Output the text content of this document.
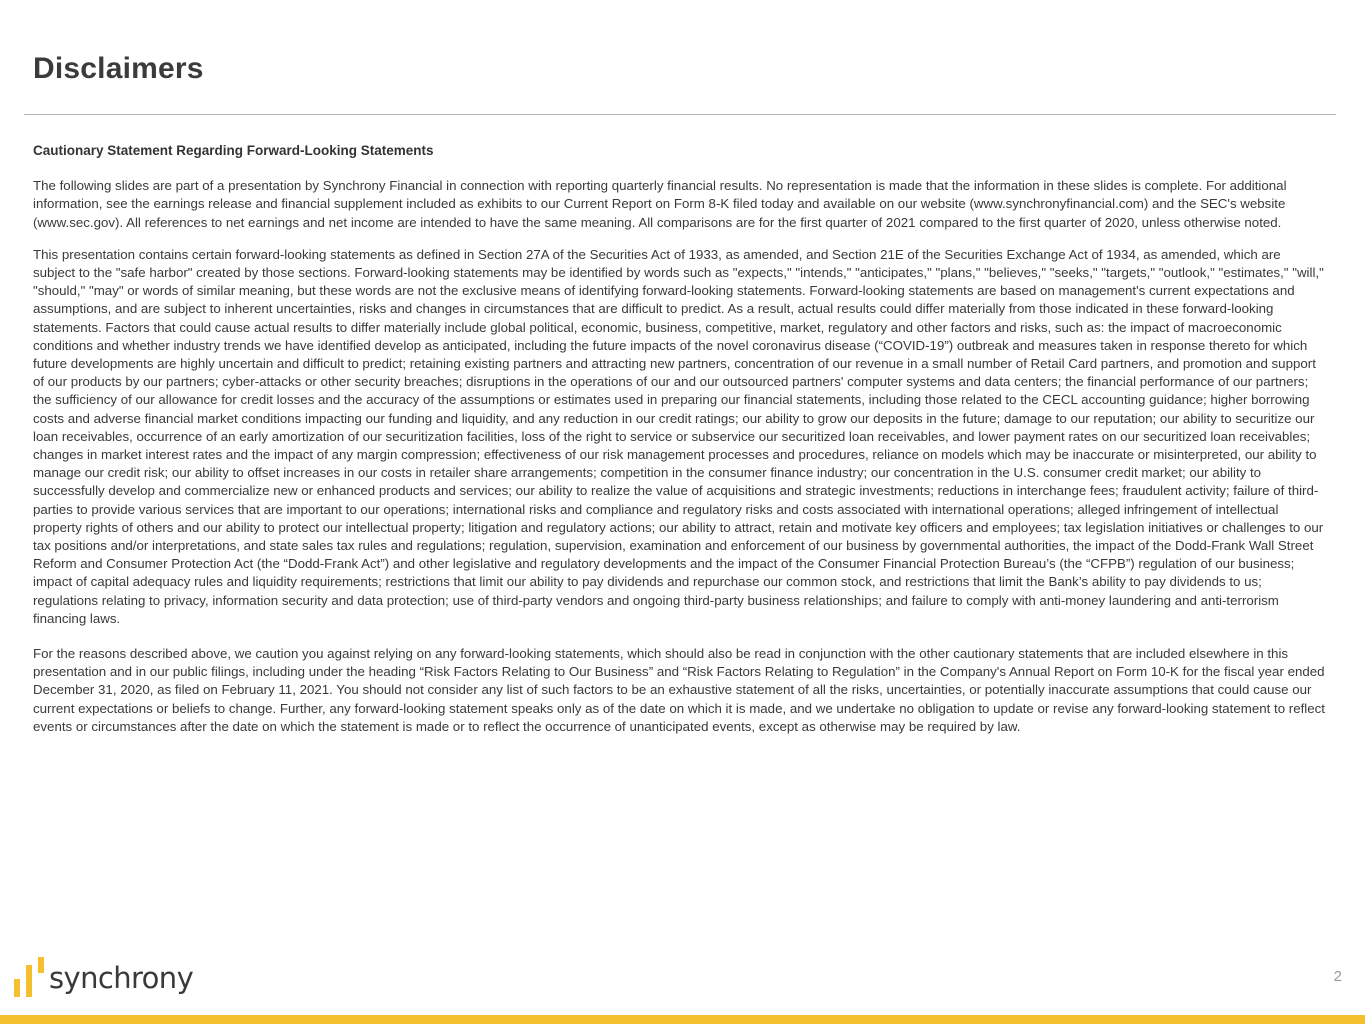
Disclaimers

Cautionary Statement Regarding Forward-Looking Statements

The following slides are part of a presentation by Synchrony Financial in connection with reporting quarterly financial results. No representation is made that the information in these slides is complete. For additional information, see the earnings release and financial supplement included as exhibits to our Current Report on Form 8-K filed today and available on our website (www.synchronyfinancial.com) and the SEC's website (www.sec.gov). All references to net earnings and net income are intended to have the same meaning. All comparisons are for the first quarter of 2021 compared to the first quarter of 2020, unless otherwise noted.

This presentation contains certain forward-looking statements as defined in Section 27A of the Securities Act of 1933, as amended, and Section 21E of the Securities Exchange Act of 1934, as amended, which are subject to the "safe harbor" created by those sections. Forward-looking statements may be identified by words such as "expects," "intends," "anticipates," "plans," "believes," "seeks," "targets," "outlook," "estimates," "will," "should," "may" or words of similar meaning, but these words are not the exclusive means of identifying forward-looking statements. Forward-looking statements are based on management's current expectations and assumptions, and are subject to inherent uncertainties, risks and changes in circumstances that are difficult to predict. As a result, actual results could differ materially from those indicated in these forward-looking statements. Factors that could cause actual results to differ materially include global political, economic, business, competitive, market, regulatory and other factors and risks, such as: the impact of macroeconomic conditions and whether industry trends we have identified develop as anticipated, including the future impacts of the novel coronavirus disease (“COVID-19”) outbreak and measures taken in response thereto for which future developments are highly uncertain and difficult to predict; retaining existing partners and attracting new partners, concentration of our revenue in a small number of Retail Card partners, and promotion and support of our products by our partners; cyber-attacks or other security breaches; disruptions in the operations of our and our outsourced partners' computer systems and data centers; the financial performance of our partners; the sufficiency of our allowance for credit losses and the accuracy of the assumptions or estimates used in preparing our financial statements, including those related to the CECL accounting guidance; higher borrowing costs and adverse financial market conditions impacting our funding and liquidity, and any reduction in our credit ratings; our ability to grow our deposits in the future; damage to our reputation; our ability to securitize our loan receivables, occurrence of an early amortization of our securitization facilities, loss of the right to service or subservice our securitized loan receivables, and lower payment rates on our securitized loan receivables; changes in market interest rates and the impact of any margin compression; effectiveness of our risk management processes and procedures, reliance on models which may be inaccurate or misinterpreted, our ability to manage our credit risk; our ability to offset increases in our costs in retailer share arrangements; competition in the consumer finance industry; our concentration in the U.S. consumer credit market; our ability to successfully develop and commercialize new or enhanced products and services; our ability to realize the value of acquisitions and strategic investments; reductions in interchange fees; fraudulent activity; failure of third-parties to provide various services that are important to our operations; international risks and compliance and regulatory risks and costs associated with international operations; alleged infringement of intellectual property rights of others and our ability to protect our intellectual property; litigation and regulatory actions; our ability to attract, retain and motivate key officers and employees; tax legislation initiatives or challenges to our tax positions and/or interpretations, and state sales tax rules and regulations; regulation, supervision, examination and enforcement of our business by governmental authorities, the impact of the Dodd-Frank Wall Street Reform and Consumer Protection Act (the “Dodd-Frank Act”) and other legislative and regulatory developments and the impact of the Consumer Financial Protection Bureau’s (the “CFPB”) regulation of our business; impact of capital adequacy rules and liquidity requirements; restrictions that limit our ability to pay dividends and repurchase our common stock, and restrictions that limit the Bank’s ability to pay dividends to us; regulations relating to privacy, information security and data protection; use of third-party vendors and ongoing third-party business relationships; and failure to comply with anti-money laundering and anti-terrorism financing laws.

For the reasons described above, we caution you against relying on any forward-looking statements, which should also be read in conjunction with the other cautionary statements that are included elsewhere in this presentation and in our public filings, including under the heading “Risk Factors Relating to Our Business” and “Risk Factors Relating to Regulation” in the Company's Annual Report on Form 10-K for the fiscal year ended December 31, 2020, as filed on February 11, 2021. You should not consider any list of such factors to be an exhaustive statement of all the risks, uncertainties, or potentially inaccurate assumptions that could cause our current expectations or beliefs to change. Further, any forward-looking statement speaks only as of the date on which it is made, and we undertake no obligation to update or revise any forward-looking statement to reflect events or circumstances after the date on which the statement is made or to reflect the occurrence of unanticipated events, except as otherwise may be required by law.

synchrony	2
